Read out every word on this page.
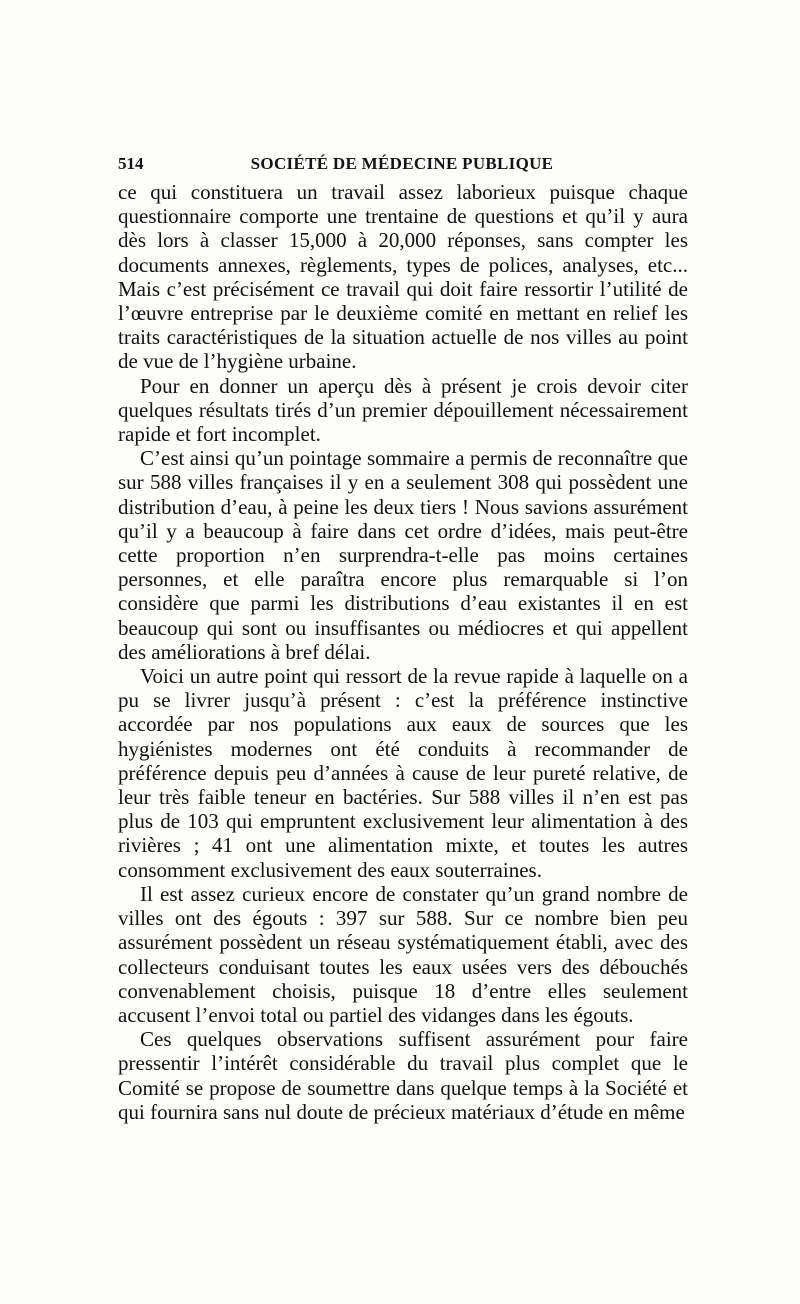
514	SOCIÉTÉ DE MÉDECINE PUBLIQUE

ce qui constituera un travail assez laborieux puisque chaque questionnaire comporte une trentaine de questions et qu’il y aura dès lors à classer 15,000 à 20,000 réponses, sans compter les documents annexes, règlements, types de polices, analyses, etc... Mais c’est précisément ce travail qui doit faire ressortir l’utilité de l’œuvre entreprise par le deuxième comité en mettant en relief les traits caractéristiques de la situation actuelle de nos villes au point de vue de l’hygiène urbaine.

Pour en donner un aperçu dès à présent je crois devoir citer quelques résultats tirés d’un premier dépouillement nécessairement rapide et fort incomplet.

C’est ainsi qu’un pointage sommaire a permis de reconnaître que sur 588 villes françaises il y en a seulement 308 qui possèdent une distribution d’eau, à peine les deux tiers ! Nous savions assurément qu’il y a beaucoup à faire dans cet ordre d’idées, mais peut-être cette proportion n’en surprendra-t-elle pas moins certaines personnes, et elle paraîtra encore plus remarquable si l’on considère que parmi les distributions d’eau existantes il en est beaucoup qui sont ou insuffisantes ou médiocres et qui appellent des améliorations à bref délai.

Voici un autre point qui ressort de la revue rapide à laquelle on a pu se livrer jusqu’à présent : c’est la préférence instinctive accordée par nos populations aux eaux de sources que les hygiénistes modernes ont été conduits à recommander de préférence depuis peu d’années à cause de leur pureté relative, de leur très faible teneur en bactéries. Sur 588 villes il n’en est pas plus de 103 qui empruntent exclusivement leur alimentation à des rivières ; 41 ont une alimentation mixte, et toutes les autres consomment exclusivement des eaux souterraines.

Il est assez curieux encore de constater qu’un grand nombre de villes ont des égouts : 397 sur 588. Sur ce nombre bien peu assurément possèdent un réseau systématiquement établi, avec des collecteurs conduisant toutes les eaux usées vers des débouchés convenablement choisis, puisque 18 d’entre elles seulement accusent l’envoi total ou partiel des vidanges dans les égouts.

Ces quelques observations suffisent assurément pour faire pressentir l’intérêt considérable du travail plus complet que le Comité se propose de soumettre dans quelque temps à la Société et qui fournira sans nul doute de précieux matériaux d’étude en même
